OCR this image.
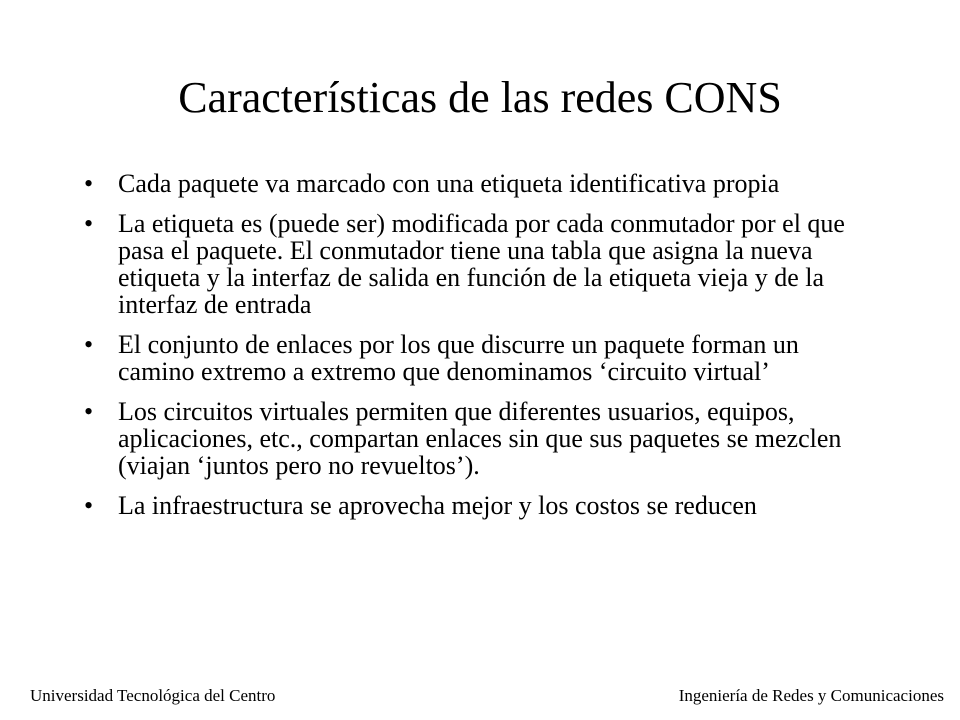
Características de las redes CONS
• Cada paquete va marcado con una etiqueta identificativa propia
• La etiqueta es (puede ser) modificada por cada conmutador por el que pasa el paquete. El conmutador tiene una tabla que asigna la nueva etiqueta y la interfaz de salida en función de la etiqueta vieja y de la interfaz de entrada
• El conjunto de enlaces por los que discurre un paquete forman un camino extremo a extremo que denominamos ‘circuito virtual’
• Los circuitos virtuales permiten que diferentes usuarios, equipos, aplicaciones, etc., compartan enlaces sin que sus paquetes se mezclen (viajan ‘juntos pero no revueltos’).
• La infraestructura se aprovecha mejor y los costos se reducen
Universidad Tecnológica del Centro	Ingeniería de Redes y Comunicaciones
